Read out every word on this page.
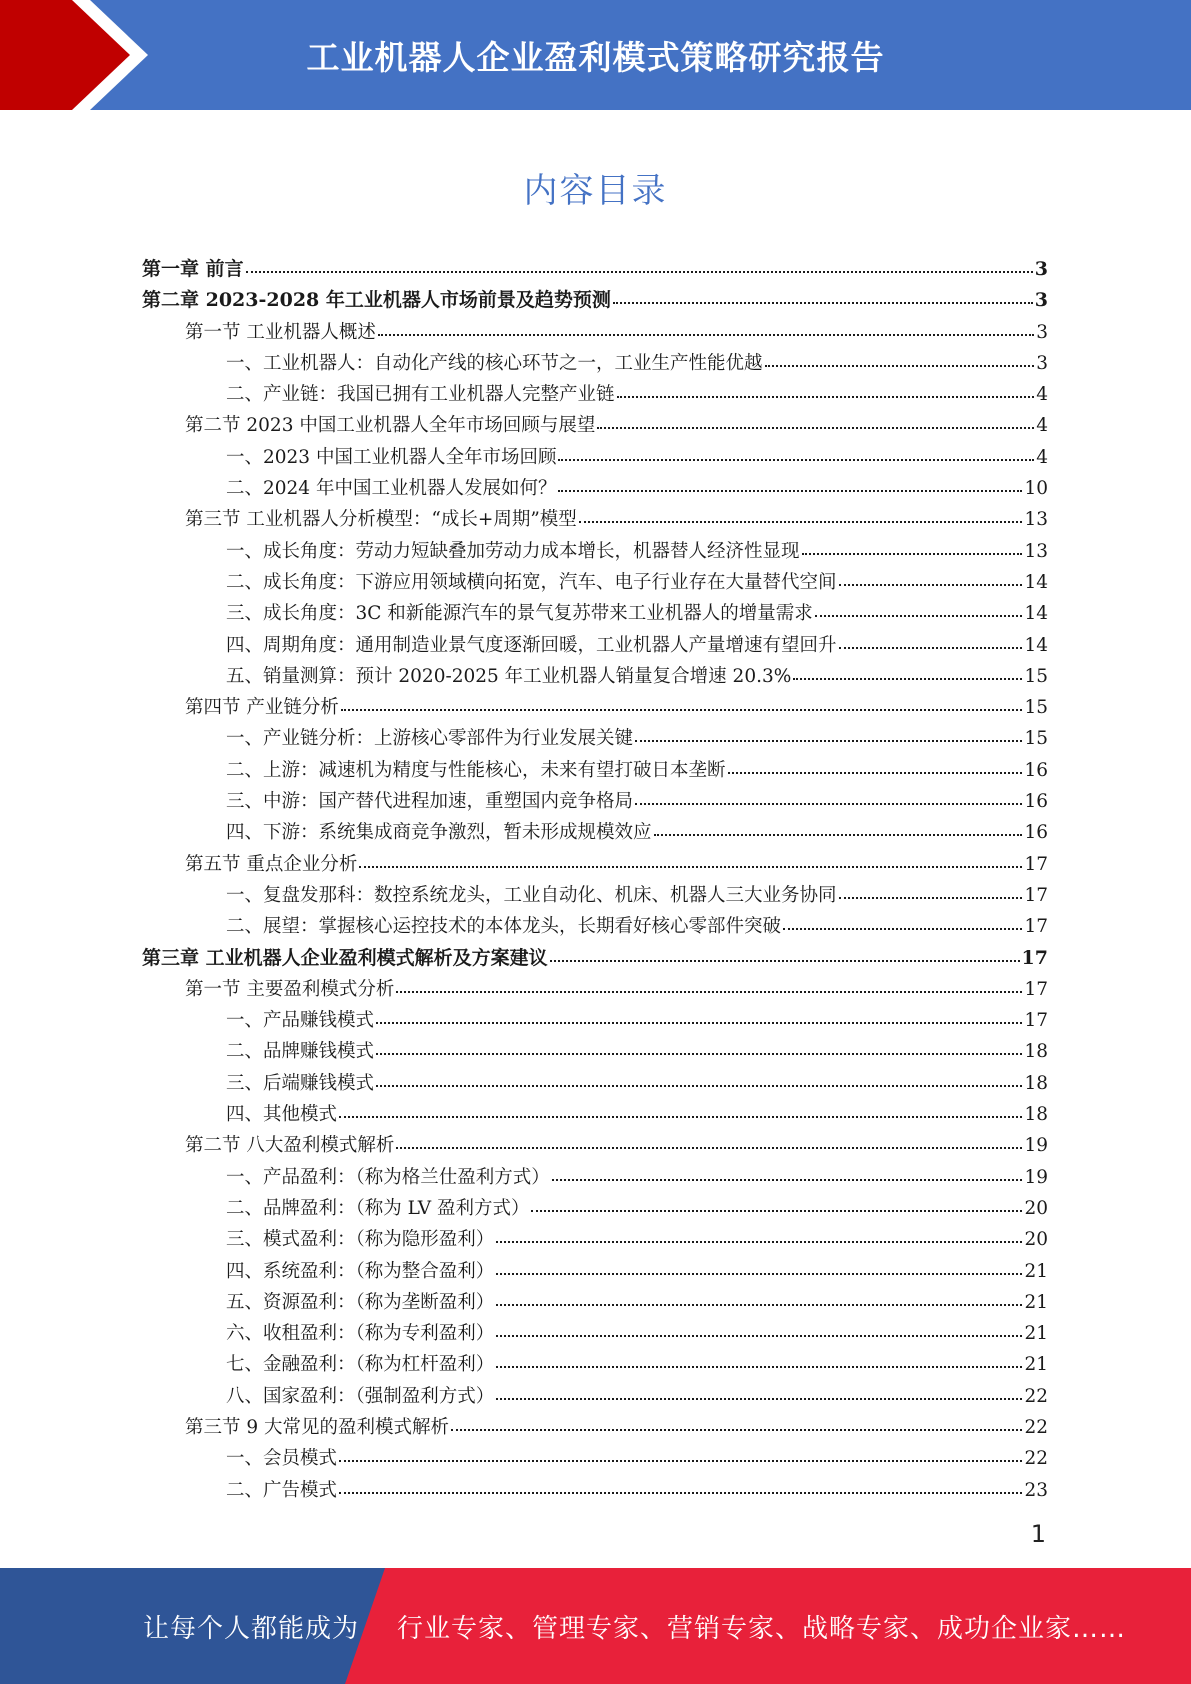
工业机器人企业盈利模式策略研究报告
内容目录
第一章 前言	3
第二章 2023-2028 年工业机器人市场前景及趋势预测	3
第一节 工业机器人概述	3
一、工业机器人：自动化产线的核心环节之一，工业生产性能优越	3
二、产业链：我国已拥有工业机器人完整产业链	4
第二节 2023 中国工业机器人全年市场回顾与展望	4
一、2023 中国工业机器人全年市场回顾	4
二、2024 年中国工业机器人发展如何？	10
第三节 工业机器人分析模型：“成长+周期”模型	13
一、成长角度：劳动力短缺叠加劳动力成本增长，机器替人经济性显现	13
二、成长角度：下游应用领域横向拓宽，汽车、电子行业存在大量替代空间	14
三、成长角度：3C 和新能源汽车的景气复苏带来工业机器人的增量需求	14
四、周期角度：通用制造业景气度逐渐回暖，工业机器人产量增速有望回升	14
五、销量测算：预计 2020-2025 年工业机器人销量复合增速 20.3%	15
第四节 产业链分析	15
一、产业链分析：上游核心零部件为行业发展关键	15
二、上游：减速机为精度与性能核心，未来有望打破日本垄断	16
三、中游：国产替代进程加速，重塑国内竞争格局	16
四、下游：系统集成商竞争激烈，暂未形成规模效应	16
第五节 重点企业分析	17
一、复盘发那科：数控系统龙头，工业自动化、机床、机器人三大业务协同	17
二、展望：掌握核心运控技术的本体龙头，长期看好核心零部件突破	17
第三章 工业机器人企业盈利模式解析及方案建议	17
第一节 主要盈利模式分析	17
一、产品赚钱模式	17
二、品牌赚钱模式	18
三、后端赚钱模式	18
四、其他模式	18
第二节 八大盈利模式解析	19
一、产品盈利：（称为格兰仕盈利方式）	19
二、品牌盈利：（称为 LV 盈利方式）	20
三、模式盈利：（称为隐形盈利）	20
四、系统盈利：（称为整合盈利）	21
五、资源盈利：（称为垄断盈利）	21
六、收租盈利：（称为专利盈利）	21
七、金融盈利：（称为杠杆盈利）	21
八、国家盈利：（强制盈利方式）	22
第三节 9 大常见的盈利模式解析	22
一、会员模式	22
二、广告模式	23
1
让每个人都能成为 行业专家、管理专家、营销专家、战略专家、成功企业家……
